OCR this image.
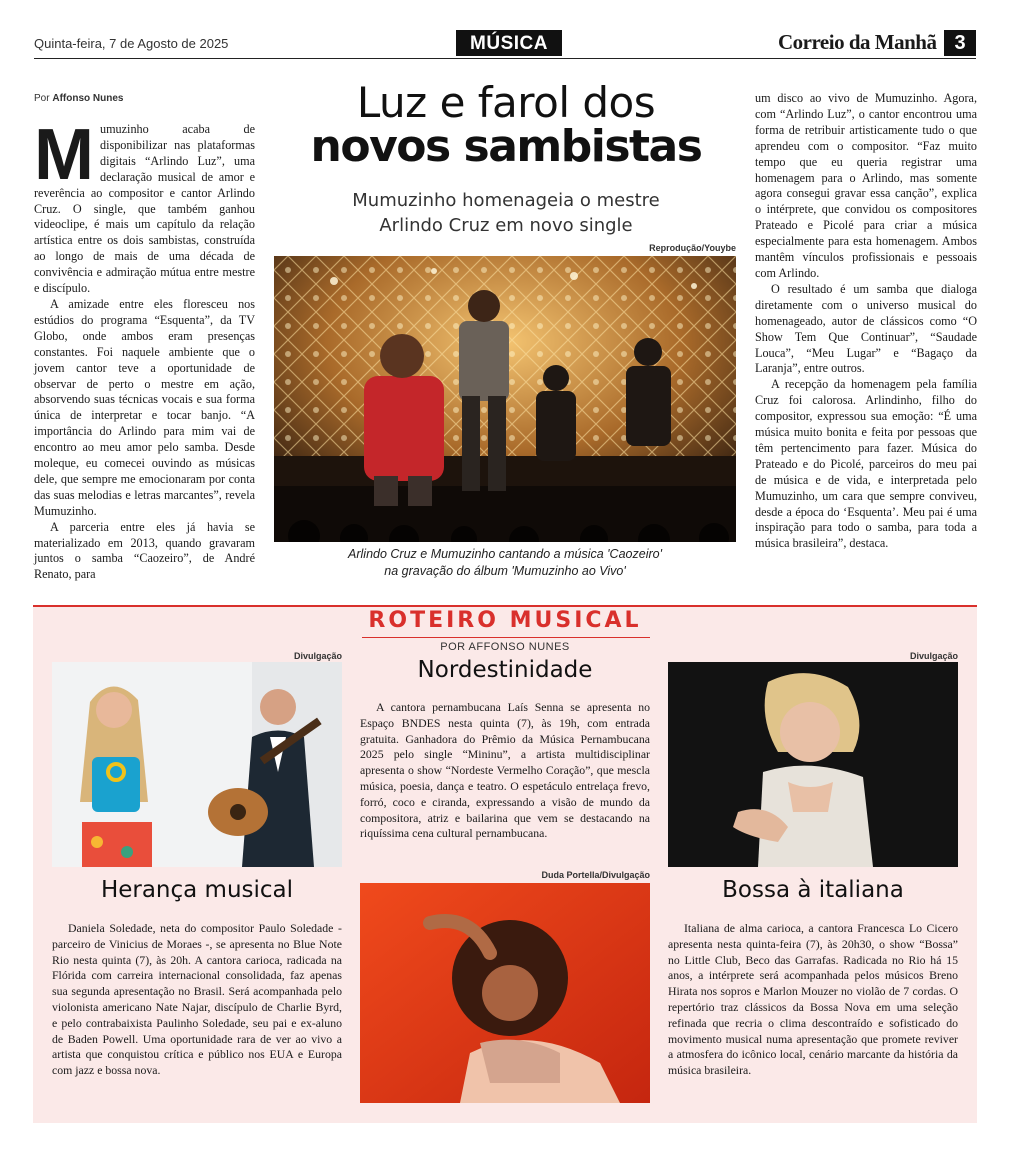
Quinta-feira, 7 de Agosto de 2025	MÚSICA	Correio da Manhã 3
Por Affonso Nunes

Mumuzinho acaba de disponibilizar nas plataformas digitais “Arlindo Luz”, uma declaração musical de amor e reverência ao compositor e cantor Arlindo Cruz. O single, que também ganhou videoclipe, é mais um capítulo da relação artística entre os dois sambistas, construída ao longo de mais de uma década de convivência e admiração mútua entre mestre e discípulo.

A amizade entre eles floresceu nos estúdios do programa “Esquenta”, da TV Globo, onde ambos eram presenças constantes. Foi naquele ambiente que o jovem cantor teve a oportunidade de observar de perto o mestre em ação, absorvendo suas técnicas vocais e sua forma única de interpretar e tocar banjo. “A importância do Arlindo para mim vai de encontro ao meu amor pelo samba. Desde moleque, eu comecei ouvindo as músicas dele, que sempre me emocionaram por conta das suas melodias e letras marcantes”, revela Mumuzinho.

A parceria entre eles já havia se materializado em 2013, quando gravaram juntos o samba “Caozeiro”, de André Renato, para

Luz e farol dos
novos sambistas
Mumuzinho homenageia o mestre
Arlindo Cruz em novo single
Reprodução/Youybe
Arlindo Cruz e Mumuzinho cantando a música 'Caozeiro'
na gravação do álbum 'Mumuzinho ao Vivo'

um disco ao vivo de Mumuzinho. Agora, com “Arlindo Luz”, o cantor encontrou uma forma de retribuir artisticamente tudo o que aprendeu com o compositor. “Faz muito tempo que eu queria registrar uma homenagem para o Arlindo, mas somente agora consegui gravar essa canção”, explica o intérprete, que convidou os compositores Prateado e Picolé para criar a música especialmente para esta homenagem. Ambos mantêm vínculos profissionais e pessoais com Arlindo.

O resultado é um samba que dialoga diretamente com o universo musical do homenageado, autor de clássicos como “O Show Tem Que Continuar”, “Saudade Louca”, “Meu Lugar” e “Bagaço da Laranja”, entre outros.

A recepção da homenagem pela família Cruz foi calorosa. Arlindinho, filho do compositor, expressou sua emoção: “É uma música muito bonita e feita por pessoas que têm pertencimento para fazer. Música do Prateado e do Picolé, parceiros do meu pai de música e de vida, e interpretada pelo Mumuzinho, um cara que sempre conviveu, desde a época do ‘Esquenta’. Meu pai é uma inspiração para todo o samba, para toda a música brasileira”, destaca.

ROTEIRO MUSICAL
POR AFFONSO NUNES
Divulgação
Herança musical

Daniela Soledade, neta do compositor Paulo Soledade - parceiro de Vinicius de Moraes -, se apresenta no Blue Note Rio nesta quinta (7), às 20h. A cantora carioca, radicada na Flórida com carreira internacional consolidada, faz apenas sua segunda apresentação no Brasil. Será acompanhada pelo violonista americano Nate Najar, discípulo de Charlie Byrd, e pelo contrabaixista Paulinho Soledade, seu pai e ex-aluno de Baden Powell. Uma oportunidade rara de ver ao vivo a artista que conquistou crítica e público nos EUA e Europa com jazz e bossa nova.

Nordestinidade

A cantora pernambucana Laís Senna se apresenta no Espaço BNDES nesta quinta (7), às 19h, com entrada gratuita. Ganhadora do Prêmio da Música Pernambucana 2025 pelo single “Mininu”, a artista multidisciplinar apresenta o show “Nordeste Vermelho Coração”, que mescla música, poesia, dança e teatro. O espetáculo entrelaça frevo, forró, coco e ciranda, expressando a visão de mundo da compositora, atriz e bailarina que vem se destacando na riquíssima cena cultural pernambucana.

Duda Portella/Divulgação
Divulgação
Bossa à italiana

Italiana de alma carioca, a cantora Francesca Lo Cicero apresenta nesta quinta-feira (7), às 20h30, o show “Bossa” no Little Club, Beco das Garrafas. Radicada no Rio há 15 anos, a intérprete será acompanhada pelos músicos Breno Hirata nos sopros e Marlon Mouzer no violão de 7 cordas. O repertório traz clássicos da Bossa Nova em uma seleção refinada que recria o clima descontraído e sofisticado do movimento musical numa apresentação que promete reviver a atmosfera do icônico local, cenário marcante da história da música brasileira.
